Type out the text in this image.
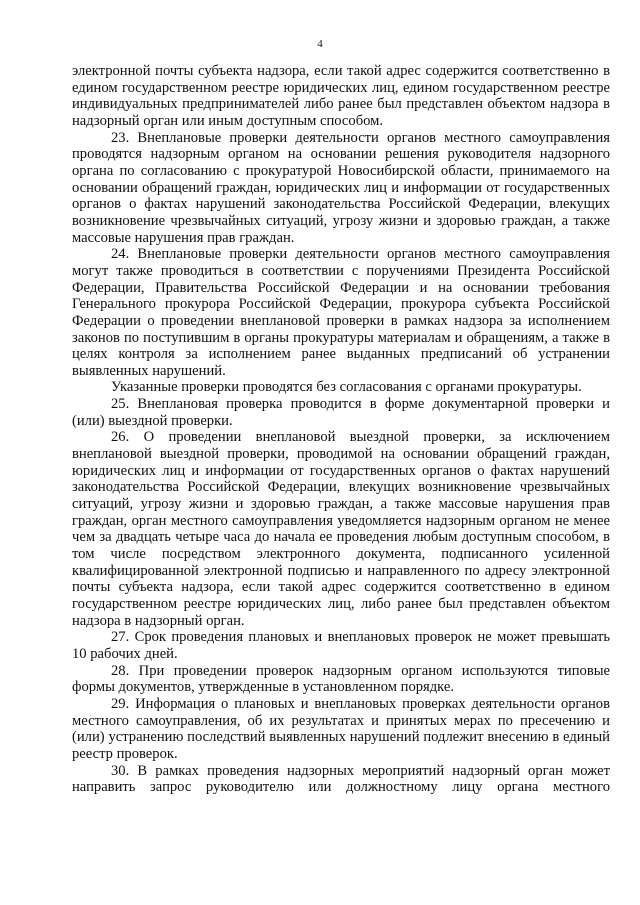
4

электронной почты субъекта надзора, если такой адрес содержится соответственно в едином государственном реестре юридических лиц, едином государственном реестре индивидуальных предпринимателей либо ранее был представлен объектом надзора в надзорный орган или иным доступным способом.

23. Внеплановые проверки деятельности органов местного самоуправления проводятся надзорным органом на основании решения руководителя надзорного органа по согласованию с прокуратурой Новосибирской области, принимаемого на основании обращений граждан, юридических лиц и информации от государственных органов о фактах нарушений законодательства Российской Федерации, влекущих возникновение чрезвычайных ситуаций, угрозу жизни и здоровью граждан, а также массовые нарушения прав граждан.

24. Внеплановые проверки деятельности органов местного самоуправления могут также проводиться в соответствии с поручениями Президента Российской Федерации, Правительства Российской Федерации и на основании требования Генерального прокурора Российской Федерации, прокурора субъекта Российской Федерации о проведении внеплановой проверки в рамках надзора за исполнением законов по поступившим в органы прокуратуры материалам и обращениям, а также в целях контроля за исполнением ранее выданных предписаний об устранении выявленных нарушений.

Указанные проверки проводятся без согласования с органами прокуратуры.

25. Внеплановая проверка проводится в форме документарной проверки и (или) выездной проверки.

26. О проведении внеплановой выездной проверки, за исключением внеплановой выездной проверки, проводимой на основании обращений граждан, юридических лиц и информации от государственных органов о фактах нарушений законодательства Российской Федерации, влекущих возникновение чрезвычайных ситуаций, угрозу жизни и здоровью граждан, а также массовые нарушения прав граждан, орган местного самоуправления уведомляется надзорным органом не менее чем за двадцать четыре часа до начала ее проведения любым доступным способом, в том числе посредством электронного документа, подписанного усиленной квалифицированной электронной подписью и направленного по адресу электронной почты субъекта надзора, если такой адрес содержится соответственно в едином государственном реестре юридических лиц, либо ранее был представлен объектом надзора в надзорный орган.

27. Срок проведения плановых и внеплановых проверок не может превышать 10 рабочих дней.

28. При проведении проверок надзорным органом используются типовые формы документов, утвержденные в установленном порядке.

29. Информация о плановых и внеплановых проверках деятельности органов местного самоуправления, об их результатах и принятых мерах по пресечению и (или) устранению последствий выявленных нарушений подлежит внесению в единый реестр проверок.

30. В рамках проведения надзорных мероприятий надзорный орган может направить запрос руководителю или должностному лицу органа местного
